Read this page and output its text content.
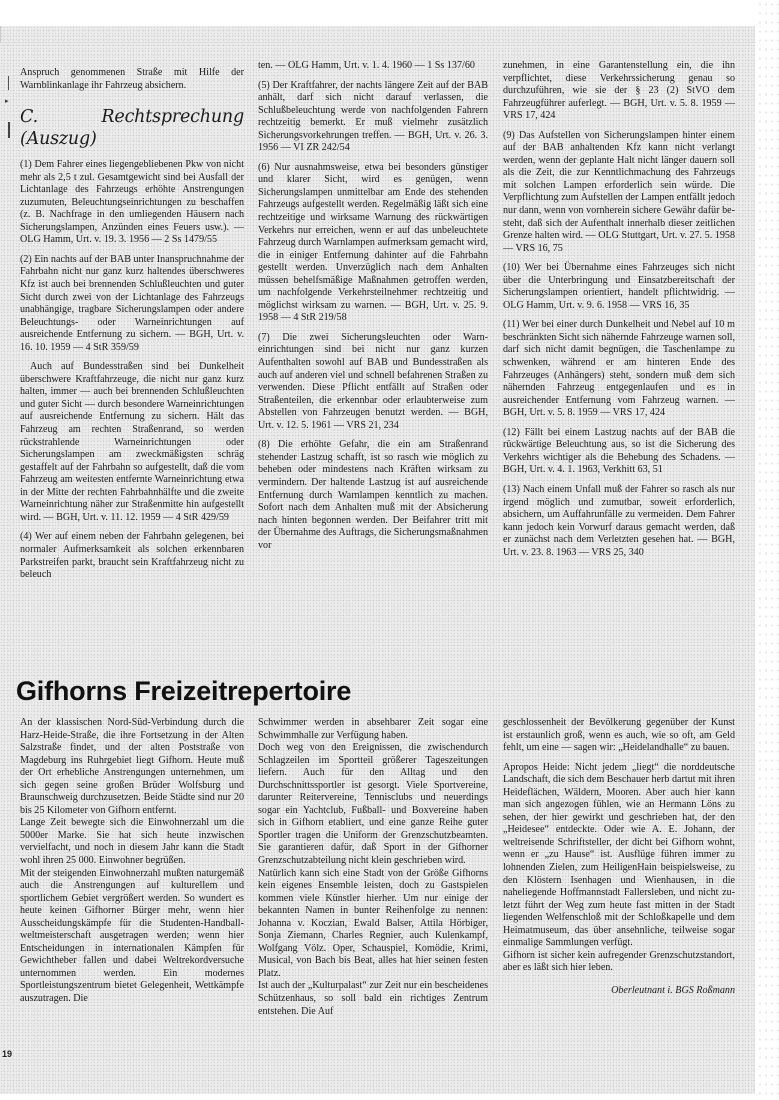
▸

Anspruch genommenen Straße mit Hilfe der Warnblinkanlage ihr Fahrzeug absichern.

C. Rechtsprechung (Auszug)

(1) Dem Fahrer eines liegengebliebenen Pkw von nicht mehr als 2,5 t zul. Gesamtgewicht sind bei Ausfall der Lichtanlage des Fahrzeugs erhöhte Anstrengungen zuzumuten, Beleuchtungseinrichtungen zu beschaffen (z. B. Nachfrage in den umliegenden Häusern nach Sicherungslampen, Anzünden eines Feuers usw.). — OLG Hamm, Urt. v. 19. 3. 1956 — 2 Ss 1479/55

(2) Ein nachts auf der BAB unter Inanspruchnahme der Fahrbahn nicht nur ganz kurz haltendes überschweres Kfz ist auch bei brennenden Schlußleuchten und guter Sicht durch zwei von der Lichtanlage des Fahrzeugs unabhängige, tragbare Sicherungslampen oder andere Beleuchtungs- oder Warneinrichtungen auf ausreichende Entfernung zu sichern. — BGH, Urt. v. 16. 10. 1959 — 4 StR 359/59

Auch auf Bundesstraßen sind bei Dunkelheit überschwere Kraftfahrzeuge, die nicht nur ganz kurz halten, immer — auch bei brennenden Schlußleuchten und guter Sicht — durch besondere Warneinrichtungen auf ausreichende Entfernung zu sichern. Hält das Fahrzeug am rechten Straßenrand, so werden rückstrahlende Warneinrichtungen oder Sicherungslampen am zweckmäßigsten schräg gestaffelt auf der Fahrbahn so aufgestellt, daß die vom Fahrzeug am weitesten entfernte Warneinrichtung etwa in der Mitte der rechten Fahrbahnhälfte und die zweite Warneinrichtung näher zur Straßenmitte hin aufgestellt wird. — BGH, Urt. v. 11. 12. 1959 — 4 StR 429/59

(4) Wer auf einem neben der Fahrbahn gelegenen, bei normaler Aufmerksamkeit als solchen erkennbaren Parkstreifen parkt, braucht sein Kraftfahrzeug nicht zu beleuch

ten. — OLG Hamm, Urt. v. 1. 4. 1960 — 1 Ss 137/60

(5) Der Kraftfahrer, der nachts längere Zeit auf der BAB anhält, darf sich nicht darauf verlassen, die Schlußbeleuchtung werde von nachfolgenden Fahrern rechtzeitig bemerkt. Er muß vielmehr zusätzlich Sicherungsvorkehrungen treffen. — BGH, Urt. v. 26. 3. 1956 — VI ZR 242/54

(6) Nur ausnahmsweise, etwa bei besonders günstiger und klarer Sicht, wird es genügen, wenn Sicherungslampen unmittelbar am Ende des stehenden Fahrzeugs aufgestellt werden. Regelmäßig läßt sich eine rechtzeitige und wirksame Warnung des rückwärtigen Verkehrs nur erreichen, wenn er auf das unbeleuchtete Fahrzeug durch Warnlampen aufmerksam gemacht wird, die in einiger Entfernung dahinter auf die Fahrbahn gestellt werden. Unverzüglich nach dem Anhalten müssen behelfsmäßige Maßnahmen getroffen werden, um nachfolgende Verkehrsteilnehmer rechtzeitig und möglichst wirksam zu warnen. — BGH, Urt. v. 25. 9. 1958 — 4 StR 219/58

(7) Die zwei Sicherungsleuchten oder Warneinrichtungen sind bei nicht nur ganz kurzen Aufenthalten sowohl auf BAB und Bundesstraßen als auch auf anderen viel und schnell befahrenen Straßen zu verwenden. Diese Pflicht entfällt auf Straßen oder Straßenteilen, die erkennbar oder erlaubterweise zum Abstellen von Fahrzeugen benutzt werden. — BGH, Urt. v. 12. 5. 1961 — VRS 21, 234

(8) Die erhöhte Gefahr, die ein am Straßenrand stehender Lastzug schafft, ist so rasch wie möglich zu beheben oder mindestens nach Kräften wirksam zu vermindern. Der haltende Lastzug ist auf ausreichende Entfernung durch Warnlampen kenntlich zu machen. Sofort nach dem Anhalten muß mit der Absicherung nach hinten begonnen werden. Der Beifahrer tritt mit der Übernahme des Auftrags, die Sicherungsmaßnahmen vor

zunehmen, in eine Garantenstellung ein, die ihn verpflichtet, diese Verkehrssicherung genau so durchzuführen, wie sie der § 23 (2) StVO dem Fahrzeugführer auferlegt. — BGH, Urt. v. 5. 8. 1959 — VRS 17, 424

(9) Das Aufstellen von Sicherungslampen hinter einem auf der BAB anhaltenden Kfz kann nicht verlangt werden, wenn der geplante Halt nicht länger dauern soll als die Zeit, die zur Kenntlichmachung des Fahrzeugs mit solchen Lampen erforderlich sein würde. Die Verpflichtung zum Aufstellen der Lampen entfällt jedoch nur dann, wenn von vornherein sichere Gewähr dafür besteht, daß sich der Aufenthalt innerhalb dieser zeitlichen Grenze halten wird. — OLG Stuttgart, Urt. v. 27. 5. 1958 — VRS 16, 75

(10) Wer bei Übernahme eines Fahrzeuges sich nicht über die Unterbringung und Einsatzbereitschaft der Sicherungslampen orientiert, handelt pflichtwidrig. — OLG Hamm, Urt. v. 9. 6. 1958 — VRS 16, 35

(11) Wer bei einer durch Dunkelheit und Nebel auf 10 m beschränkten Sicht sich nähernde Fahrzeuge warnen soll, darf sich nicht damit begnügen, die Taschenlampe zu schwenken, während er am hinteren Ende des Fahrzeuges (Anhängers) steht, sondern muß dem sich nähernden Fahrzeug entgegenlaufen und es in ausreichender Entfernung vom Fahrzeug warnen. — BGH, Urt. v. 5. 8. 1959 — VRS 17, 424

(12) Fällt bei einem Lastzug nachts auf der BAB die rückwärtige Beleuchtung aus, so ist die Sicherung des Verkehrs wichtiger als die Behebung des Schadens. — BGH, Urt. v. 4. 1. 1963, Verkhitt 63, 51

(13) Nach einem Unfall muß der Fahrer so rasch als nur irgend möglich und zumutbar, soweit erforderlich, absichern, um Auffahrunfälle zu vermeiden. Dem Fahrer kann jedoch kein Vorwurf daraus gemacht werden, daß er zunächst nach dem Verletzten gesehen hat. — BGH, Urt. v. 23. 8. 1963 — VRS 25, 340

Gifhorns Freizeitrepertoire

An der klassischen Nord-Süd-Verbindung durch die Harz-Heide-Straße, die ihre Fortsetzung in der Alten Salzstraße findet, und der alten Poststraße von Magdeburg ins Ruhrgebiet liegt Gifhorn. Heute muß der Ort erhebliche Anstrengungen unternehmen, um sich gegen seine großen Brüder Wolfsburg und Braunschweig durchzusetzen. Beide Städte sind nur 20 bis 25 Kilometer von Gifhorn entfernt.

Lange Zeit bewegte sich die Einwohnerzahl um die 5000er Marke. Sie hat sich heute inzwischen vervielfacht, und noch in diesem Jahr kann die Stadt wohl ihren 25 000. Einwohner begrüßen.

Mit der steigenden Einwohnerzahl mußten naturgemäß auch die Anstrengungen auf kulturellem und sportlichem Gebiet vergrößert werden. So wundert es heute keinen Gifhorner Bürger mehr, wenn hier Ausscheidungskämpfe für die Studenten-Handballweltmeisterschaft ausgetragen werden; wenn hier Entscheidungen in internationalen Kämpfen für Gewichtheber fallen und dabei Weltrekordversuche unternommen werden. Ein modernes Sportleistungszentrum bietet Gelegenheit, Wettkämpfe auszutragen. Die

Schwimmer werden in absehbarer Zeit sogar eine Schwimmhalle zur Verfügung haben.

Doch weg von den Ereignissen, die zwischendurch Schlagzeilen im Sportteil größerer Tageszeitungen liefern. Auch für den Alltag und den Durchschnittssportler ist gesorgt. Viele Sportvereine, darunter Reitervereine, Tennisclubs und neuerdings sogar ein Yachtclub, Fußball- und Boxvereine haben sich in Gifhorn etabliert, und eine ganze Reihe guter Sportler tragen die Uniform der Grenzschutzbeamten. Sie garantieren dafür, daß Sport in der Gifhorner Grenzschutzabteilung nicht klein geschrieben wird.

Natürlich kann sich eine Stadt von der Größe Gifhorns kein eigenes Ensemble leisten, doch zu Gastspielen kommen viele Künstler hierher. Um nur einige der bekannten Namen in bunter Reihenfolge zu nennen: Johanna v. Koczian, Ewald Balser, Attila Hörbiger, Sonja Ziemann, Charles Regnier, auch Kulenkampf, Wolfgang Völz. Oper, Schauspiel, Komödie, Krimi, Musical, von Bach bis Beat, alles hat hier seinen festen Platz.

Ist auch der „Kulturpalast“ zur Zeit nur ein bescheidenes Schützenhaus, so soll bald ein richtiges Zentrum entstehen. Die Auf

geschlossenheit der Bevölkerung gegenüber der Kunst ist erstaunlich groß, wenn es auch, wie so oft, am Geld fehlt, um eine — sagen wir: „Heidelandhalle“ zu bauen.

Apropos Heide: Nicht jedem „liegt“ die norddeutsche Landschaft, die sich dem Beschauer herb dartut mit ihren Heideflächen, Wäldern, Mooren. Aber auch hier kann man sich angezogen fühlen, wie an Hermann Löns zu sehen, der hier gewirkt und geschrieben hat, der den „Heidesee“ entdeckte. Oder wie A. E. Johann, der weltreisende Schriftsteller, der dicht bei Gifhorn wohnt, wenn er „zu Hause“ ist. Ausflüge führen immer zu lohnenden Zielen, zum HeiligenHain beispielsweise, zu den Klöstern Isenhagen und Wienhausen, in die naheliegende Hoffmannstadt Fallersleben, und nicht zuletzt führt der Weg zum heute fast mitten in der Stadt liegenden Welfenschloß mit der Schloßkapelle und dem Heimatmuseum, das über ansehnliche, teilweise sogar einmalige Sammlungen verfügt.

Gifhorn ist sicher kein aufregender Grenzschutzstandort, aber es läßt sich hier leben.

Oberleutnant i. BGS Roßmann

19
